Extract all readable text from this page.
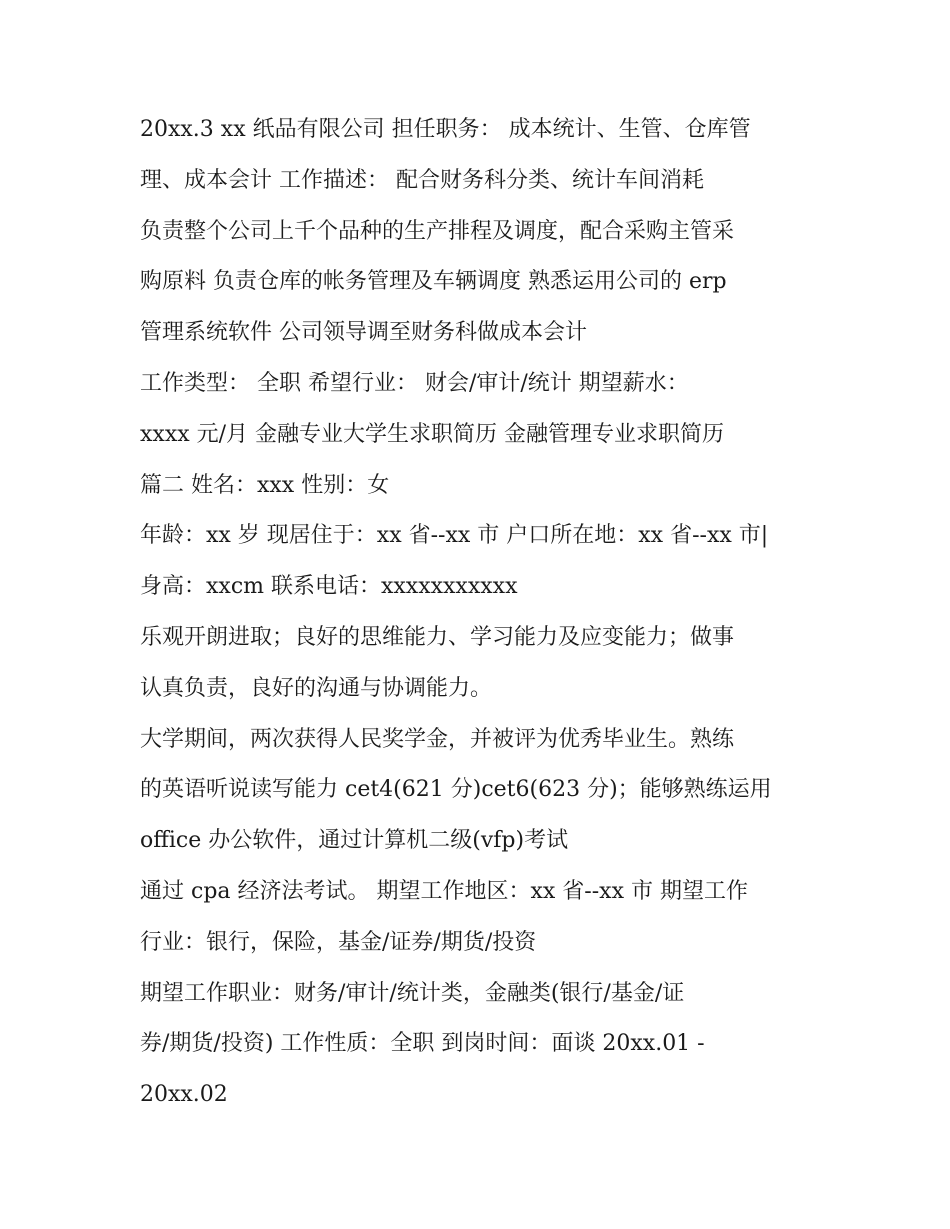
20xx.3 xx 纸品有限公司 担任职务： 成本统计、生管、仓库管
理、成本会计 工作描述： 配合财务科分类、统计车间消耗
负责整个公司上千个品种的生产排程及调度，配合采购主管采
购原料 负责仓库的帐务管理及车辆调度 熟悉运用公司的 erp
管理系统软件 公司领导调至财务科做成本会计
工作类型： 全职 希望行业： 财会/审计/统计 期望薪水：
xxxx 元/月 金融专业大学生求职简历 金融管理专业求职简历
篇二 姓名：xxx 性别：女
年龄：xx 岁 现居住于：xx 省--xx 市 户口所在地：xx 省--xx 市|
身高：xxcm 联系电话：xxxxxxxxxxx
乐观开朗进取；良好的思维能力、学习能力及应变能力；做事
认真负责，良好的沟通与协调能力。
大学期间，两次获得人民奖学金，并被评为优秀毕业生。熟练
的英语听说读写能力 cet4(621 分)cet6(623 分)；能够熟练运用
office 办公软件，通过计算机二级(vfp)考试
通过 cpa 经济法考试。 期望工作地区：xx 省--xx 市 期望工作
行业：银行，保险，基金/证券/期货/投资
期望工作职业：财务/审计/统计类，金融类(银行/基金/证
券/期货/投资) 工作性质：全职 到岗时间：面谈 20xx.01 -
20xx.02
